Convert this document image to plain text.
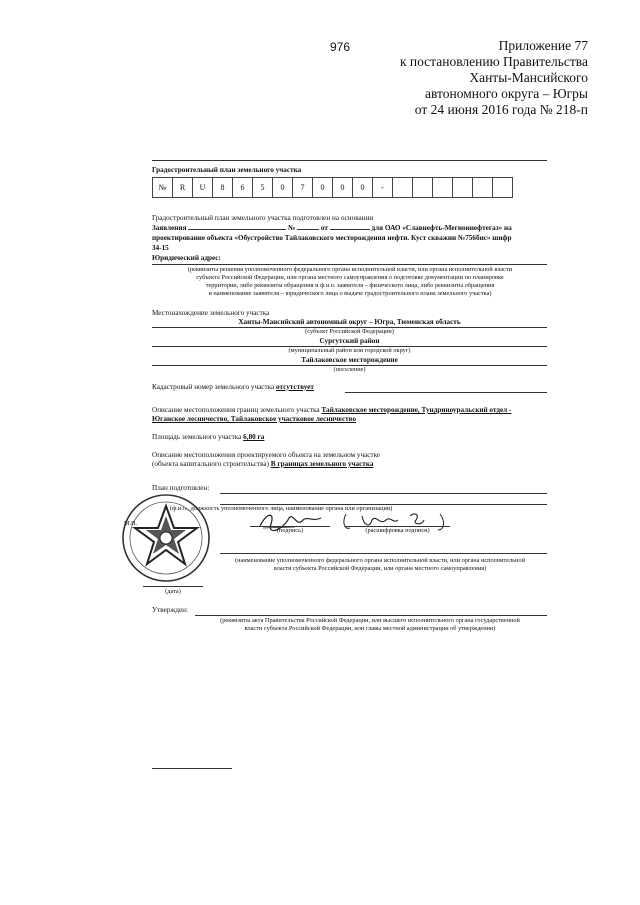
976	Приложение 77
к постановлению Правительства
Ханты-Мансийского
автономного округа – Югры
от 24 июня 2016 года № 218-п
Градостроительный план земельного участка
№	R	U	8	6	5	0	7	0	0	0	-						
Градостроительный план земельного участка подготовлен на основании
Заявления	№	от	для ОАО «Славнефть-Мегионнефтегаз» на
проектирование объекта «Обустройство Тайлаковского месторождения нефти. Куст скважин №756бис» шифр
34-15
Юридический адрес:
(реквизиты решения уполномоченного федерального органа исполнительной власти, или органа исполнительной власти
субъекта Российской Федерации, или органа местного самоуправления о подготовке документации по планировке
территории, либо реквизиты обращения и ф.и.о. заявителя – физического лица, либо реквизиты обращения
и наименование заявителя – юридического лица о выдаче градостроительного плана земельного участка)
Местонахождение земельного участка
Ханты-Мансийский автономный округ – Югра, Тюменская область
(субъект Российской Федерации)
Сургутский район
(муниципальный район или городской округ)
Тайлаковское месторождение
(поселение)
Кадастровый номер земельного участка отсутствует
Описание местоположения границ земельного участка Тайлаковское месторождение, Тундриноуральский отдел -
Юганское лесничество, Тайлаковское участковое лесничество
Площадь земельного участка 6,80 га
Описание местоположения проектируемого объекта на земельном участке
(объекта капитального строительства) В границах земельного участка
План подготовлен:
(ф.и.о., должность уполномоченного лица, наименование органа или организации)
М.П.
(подпись)	(расшифровка подписи)
(наименование уполномоченного федерального органа исполнительной власти, или органа исполнительной
власти субъекта Российской Федерации, или органа местного самоуправления)
(дата)
Утвержден:
(реквизиты акта Правительства Российской Федерации, или высшего исполнительного органа государственной
власти субъекта Российской Федерации, или главы местной администрации об утверждении)
